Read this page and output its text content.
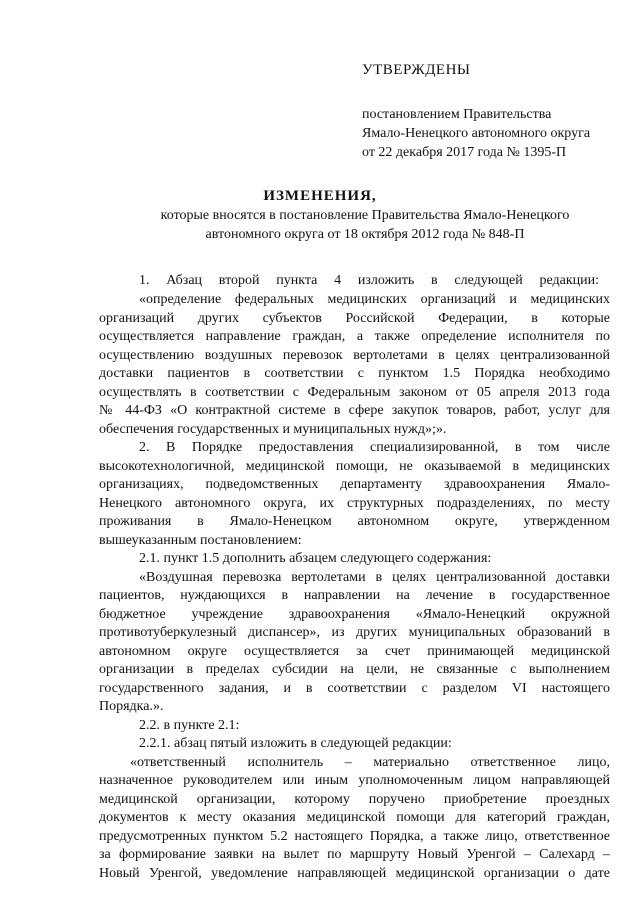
УТВЕРЖДЕНЫ
постановлением Правительства
Ямало-Ненецкого автономного округа
от 22 декабря 2017 года № 1395-П
ИЗМЕНЕНИЯ,
которые вносятся в постановление Правительства Ямало-Ненецкого
автономного округа от 18 октября 2012 года № 848-П
1. Абзац второй пункта 4 изложить в следующей редакции:
«определение федеральных медицинских организаций и медицинских
организаций других субъектов Российской Федерации, в которые
осуществляется направление граждан, а также определение исполнителя по
осуществлению воздушных перевозок вертолетами в целях централизованной
доставки пациентов в соответствии с пунктом 1.5 Порядка необходимо
осуществлять в соответствии с Федеральным законом от 05 апреля 2013 года
№ 44-ФЗ «О контрактной системе в сфере закупок товаров, работ, услуг для
обеспечения государственных и муниципальных нужд»;».
2. В Порядке предоставления специализированной, в том числе
высокотехнологичной, медицинской помощи, не оказываемой в медицинских
организациях, подведомственных департаменту здравоохранения Ямало-
Ненецкого автономного округа, их структурных подразделениях, по месту
проживания в Ямало-Ненецком автономном округе, утвержденном
вышеуказанным постановлением:
2.1. пункт 1.5 дополнить абзацем следующего содержания:
«Воздушная перевозка вертолетами в целях централизованной доставки
пациентов, нуждающихся в направлении на лечение в государственное
бюджетное учреждение здравоохранения «Ямало-Ненецкий окружной
противотуберкулезный диспансер», из других муниципальных образований в
автономном округе осуществляется за счет принимающей медицинской
организации в пределах субсидии на цели, не связанные с выполнением
государственного задания, и в соответствии с разделом VI настоящего
Порядка.».
2.2. в пункте 2.1:
2.2.1. абзац пятый изложить в следующей редакции:
«ответственный исполнитель – материально ответственное лицо,
назначенное руководителем или иным уполномоченным лицом направляющей
медицинской организации, которому поручено приобретение проездных
документов к месту оказания медицинской помощи для категорий граждан,
предусмотренных пунктом 5.2 настоящего Порядка, а также лицо, ответственное
за формирование заявки на вылет по маршруту Новый Уренгой – Салехард –
Новый Уренгой, уведомление направляющей медицинской организации о дате
